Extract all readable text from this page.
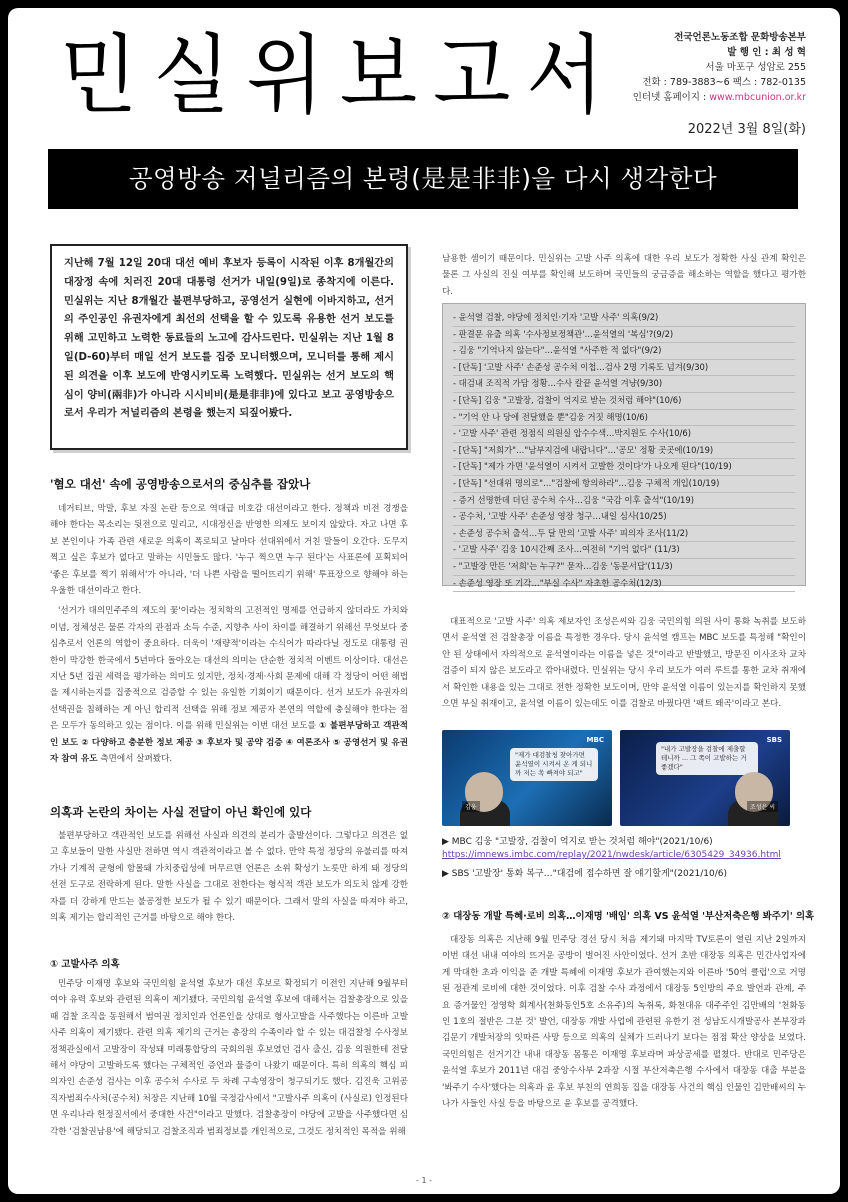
민실위보고서	전국언론노동조합 문화방송본부
발 행 인 : 최 성 혁
서울 마포구 성암로 255
전화 : 789-3883~6 팩스 : 782-0135
인터넷 홈페이지 : www.mbcunion.or.kr
2022년 3월 8일(화)
공영방송 저널리즘의 본령(是是非非)을 다시 생각한다
지난해 7월 12일 20대 대선 예비 후보자 등록이 시작된 이후 8개월간의 대장정 속에 치러진 20대 대통령 선거가 내일(9일)로 종착지에 이른다. 민실위는 지난 8개월간 불편부당하고, 공영선거 실현에 이바지하고, 선거의 주인공인 유권자에게 최선의 선택을 할 수 있도록 유용한 선거 보도를 위해 고민하고 노력한 동료들의 노고에 감사드린다. 민실위는 지난 1월 8일(D-60)부터 매일 선거 보도를 집중 모니터했으며, 모니터를 통해 제시된 의견을 이후 보도에 반영시키도록 노력했다. 민실위는 선거 보도의 핵심이 양비(兩非)가 아니라 시시비비(是是非非)에 있다고 보고 공영방송으로서 우리가 저널리즘의 본령을 했는지 되짚어봤다.
'혐오 대선' 속에 공영방송으로서의 중심추를 잡았나

네거티브, 막말, 후보 자질 논란 등으로 역대급 비호감 대선이라고 한다. 정책과 비전 경쟁을 해야 한다는 목소리는 뒷전으로 밀리고, 시대정신을 반영한 의제도 보이지 않았다. 자고 나면 후보 본인이나 가족 관련 새로운 의혹이 폭로되고 날마다 선대위에서 거친 말들이 오간다. 도무지 찍고 싶은 후보가 없다고 말하는 시민들도 많다. '누구 찍으면 누구 된다'는 사표론에 포획되어 '좋은 후보를 찍기 위해서'가 아니라, '더 나쁜 사람을 떨어뜨리기 위해' 투표장으로 향해야 하는 우울한 대선이라고 한다.

'선거가 대의민주주의 제도의 꽃'이라는 정치학의 고전적인 명제를 언급하지 않더라도 가치와 이념, 정체성은 물론 각자의 관점과 소득 수준, 지향추 사이 차이를 해결하기 위해선 무엇보다 중심추로서 언론의 역할이 중요하다. 더욱이 '재량적'이라는 수식어가 따라다닐 정도로 대통령 권한이 막강한 한국에서 5년마다 돌아오는 대선의 의미는 단순한 정치적 이벤트 이상이다. 대선은 지난 5년 집권 세력을 평가하는 의미도 있지만, 정치·경제·사회 문제에 대해 각 정당이 어떤 해법을 제시하는지를 집중적으로 검증할 수 있는 유일한 기회이기 때문이다. 선거 보도가 유권자의 선택권을 침해하는 게 아닌 합리적 선택을 위해 정보 제공자 본연의 역할에 충실해야 한다는 점은 모두가 동의하고 있는 점이다. 이를 위해 민실위는 이번 대선 보도를 ① 불편부당하고 객관적인 보도 ② 다양하고 충분한 정보 제공 ③ 후보자 및 공약 검증 ④ 여론조사 ⑤ 공영선거 및 유권자 참여 유도 측면에서 살펴봤다.

의혹과 논란의 차이는 사실 전달이 아닌 확인에 있다

불편부당하고 객관적인 보도를 위해선 사실과 의견의 분리가 출발선이다. 그렇다고 의견은 없고 후보들이 말한 사실만 전하면 역시 객관적이라고 볼 수 없다. 만약 특정 정당의 유불리를 따져가나 기계적 균형에 함몰돼 가치중립성에 머무르면 언론은 소위 확성기 노릇만 하게 돼 정당의 선전 도구로 전락하게 된다. 말한 사실을 그대로 전한다는 형식적 객관 보도가 의도치 않게 강한 자를 더 강하게 만드는 불공정한 보도가 될 수 있기 때문이다. 그래서 말의 사실을 따져야 하고, 의혹 제기는 합리적인 근거를 바탕으로 해야 한다.

① 고발사주 의혹

민주당 이재명 후보와 국민의힘 윤석열 후보가 대선 후보로 확정되기 이전인 지난해 9월부터 여야 유력 후보와 관련된 의혹이 제기됐다. 국민의힘 윤석열 후보에 대해서는 검찰총장으로 있을 때 검찰 조직을 동원해서 범여권 정치인과 언론인을 상대로 형사고발을 사주했다는 이른바 고발 사주 의혹이 제기됐다. 관련 의혹 제기의 근거는 총장의 수족이라 할 수 있는 대검찰청 수사정보정책관실에서 고발장이 작성돼 미래통합당의 국회의원 후보였던 검사 출신, 김웅 의원한테 전달해서 야당이 고발하도록 했다는 구체적인 증언과 물증이 나왔기 때문이다. 특히 의혹의 핵심 피의자인 손준성 검사는 이후 공수처 수사로 두 차례 구속영장이 청구되기도 했다. 김진욱 고위공직자범죄수사처(공수처) 처장은 지난해 10월 국정감사에서 "고발사주 의혹이 (사실로) 인정된다면 우리나라 헌정질서에서 중대한 사건"이라고 말했다. 검찰총장이 야당에 고발을 사주했다면 심각한 '검찰권남용'에 해당되고 검찰조직과 범죄정보를 개인적으로, 그것도 정치적인 목적을 위해

남용한 셈이기 때문이다. 민실위는 고발 사주 의혹에 대한 우리 보도가 정확한 사실 관계 확인은 물론 그 사실의 진실 여부를 확인해 보도하며 국민들의 궁금증을 해소하는 역할을 했다고 평가한다.

- 윤석열 검찰, 야당에 정치인·기자 '고발 사주' 의혹(9/2)
- 판결문 유출 의혹 '수사정보정책관'…윤석열의 '복심'?(9/2)
- 김웅 "기억나지 않는다"…윤석열 "사주한 적 없다"(9/2)
- [단독] '고발 사주' 손준성 공수처 이첩…검사 2명 기록도 넘겨(9/30)
- 대검내 조직적 가담 정황…수사 칼끝 윤석열 겨냥(9/30)
- [단독] 김웅 "고발장, 검찰이 억지로 받는 것처럼 해야"(10/6)
- "기억 안 나 당에 전달했을 뿐"김웅 거짓 해명(10/6)
- '고발 사주' 관련 정점식 의원실 압수수색…박지원도 수사(10/6)
- [단독] "저희가"…"남부지검에 내랍니다"…'공모' 정황 곳곳에(10/19)
- [단독] "제가 가면 '윤석열이 시켜서 고발한 것이다'가 나오게 된다"(10/19)
- [단독] "선대위 명의로"…"검찰에 항의하라"…김웅 구체적 개입(10/19)
- 증거 선명한데 더딘 공수처 수사…김웅 "국감 이후 출석"(10/19)
- 공수처, '고발 사주' 손준성 영장 청구…내일 심사(10/25)
- 손준성 공수처 출석…두 달 만의 '고발 사주' 피의자 조사(11/2)
- '고발 사주' 김웅 10시간째 조사…여전히 "기억 없다" (11/3)
- "고발장 만든 '저희'는 누구?" 묻자…김웅 '동문서답'(11/3)
- 손준성 영장 또 기각…"부실 수사" 자초한 공수처(12/3)

대표적으로 '고발 사주' 의혹 제보자인 조성은씨와 김웅 국민의힘 의원 사이 통화 녹취를 보도하면서 윤석열 전 검찰총장 이름을 특정한 경우다. 당시 윤석열 캠프는 MBC 보도를 특정해 "확인이 안 된 상태에서 자의적으로 윤석열이라는 이름을 넣은 것"이라고 반발했고, 방문진 이사조차 교차 검증이 되지 않은 보도라고 깎아내렸다. 민실위는 당시 우리 보도가 여러 루트를 통한 교차 취재에서 확인한 내용을 있는 그대로 전한 정확한 보도이며, 만약 윤석열 이름이 있는지를 확인하지 못했으면 부실 취재이고, 윤석열 이름이 있는데도 이를 검찰로 바꿨다면 '팩트 왜곡'이라고 본다.

MBC
"제가 대검찰청 찾아가면 윤석열이 시켜서 온 게 되니까 저는 쏙 빠져야 되고"
김웅
SBS
"내가 고발장을 검찰에 제출할 테니까 ... 그 쪽이 고발하는 거 좋겠다"
조성은 씨
▶ MBC 김웅 "고발장, 검찰이 억지로 받는 것처럼 해야"(2021/10/6)
https://imnews.imbc.com/replay/2021/nwdesk/article/6305429_34936.html
▶ SBS '고발장' 통화 복구…"대검에 접수하면 잘 얘기할게"(2021/10/6)
② 대장동 개발 특혜·로비 의혹…이재명 '배임' 의혹 VS 윤석열 '부산저축은행 봐주기' 의혹

대장동 의혹은 지난해 9월 민주당 경선 당시 처음 제기돼 마지막 TV토론이 열린 지난 2일까지 이번 대선 내내 여야의 뜨거운 공방이 벌어진 사안이었다. 선거 초반 대장동 의혹은 민간사업자에게 막대한 초과 이익을 준 개발 특혜에 이재명 후보가 관여했는지와 이른바 '50억 클럽'으로 거명된 정관계 로비에 대한 것이었다. 이후 검찰 수사 과정에서 대장동 5인방의 주요 발언과 관계, 주요 증거물인 정영학 회계사(천화동인5호 소유주)의 녹취록, 화천대유 대주주인 김만배의 '천화동인 1호의 절반은 그분 것' 발언, 대장동 개발 사업에 관련된 유한기 전 성남도시개발공사 본부장과 김문기 개발처장의 잇따른 사망 등으로 의혹의 실체가 드러나기 보다는 점점 확산 양상을 보였다. 국민의힘은 선거기간 내내 대장동 몸통은 이재명 후보라며 파상공세를 펼쳤다. 반대로 민주당은 윤석열 후보가 2011년 대검 중앙수사부 2과장 시절 부산저축은행 수사에서 대장동 대출 부분을 '봐주기 수사'했다는 의혹과 윤 후보 부친의 연희동 집을 대장동 사건의 핵심 인물인 김만배씨의 누나가 사들인 사실 등을 바탕으로 윤 후보를 공격했다.

- 1 -
